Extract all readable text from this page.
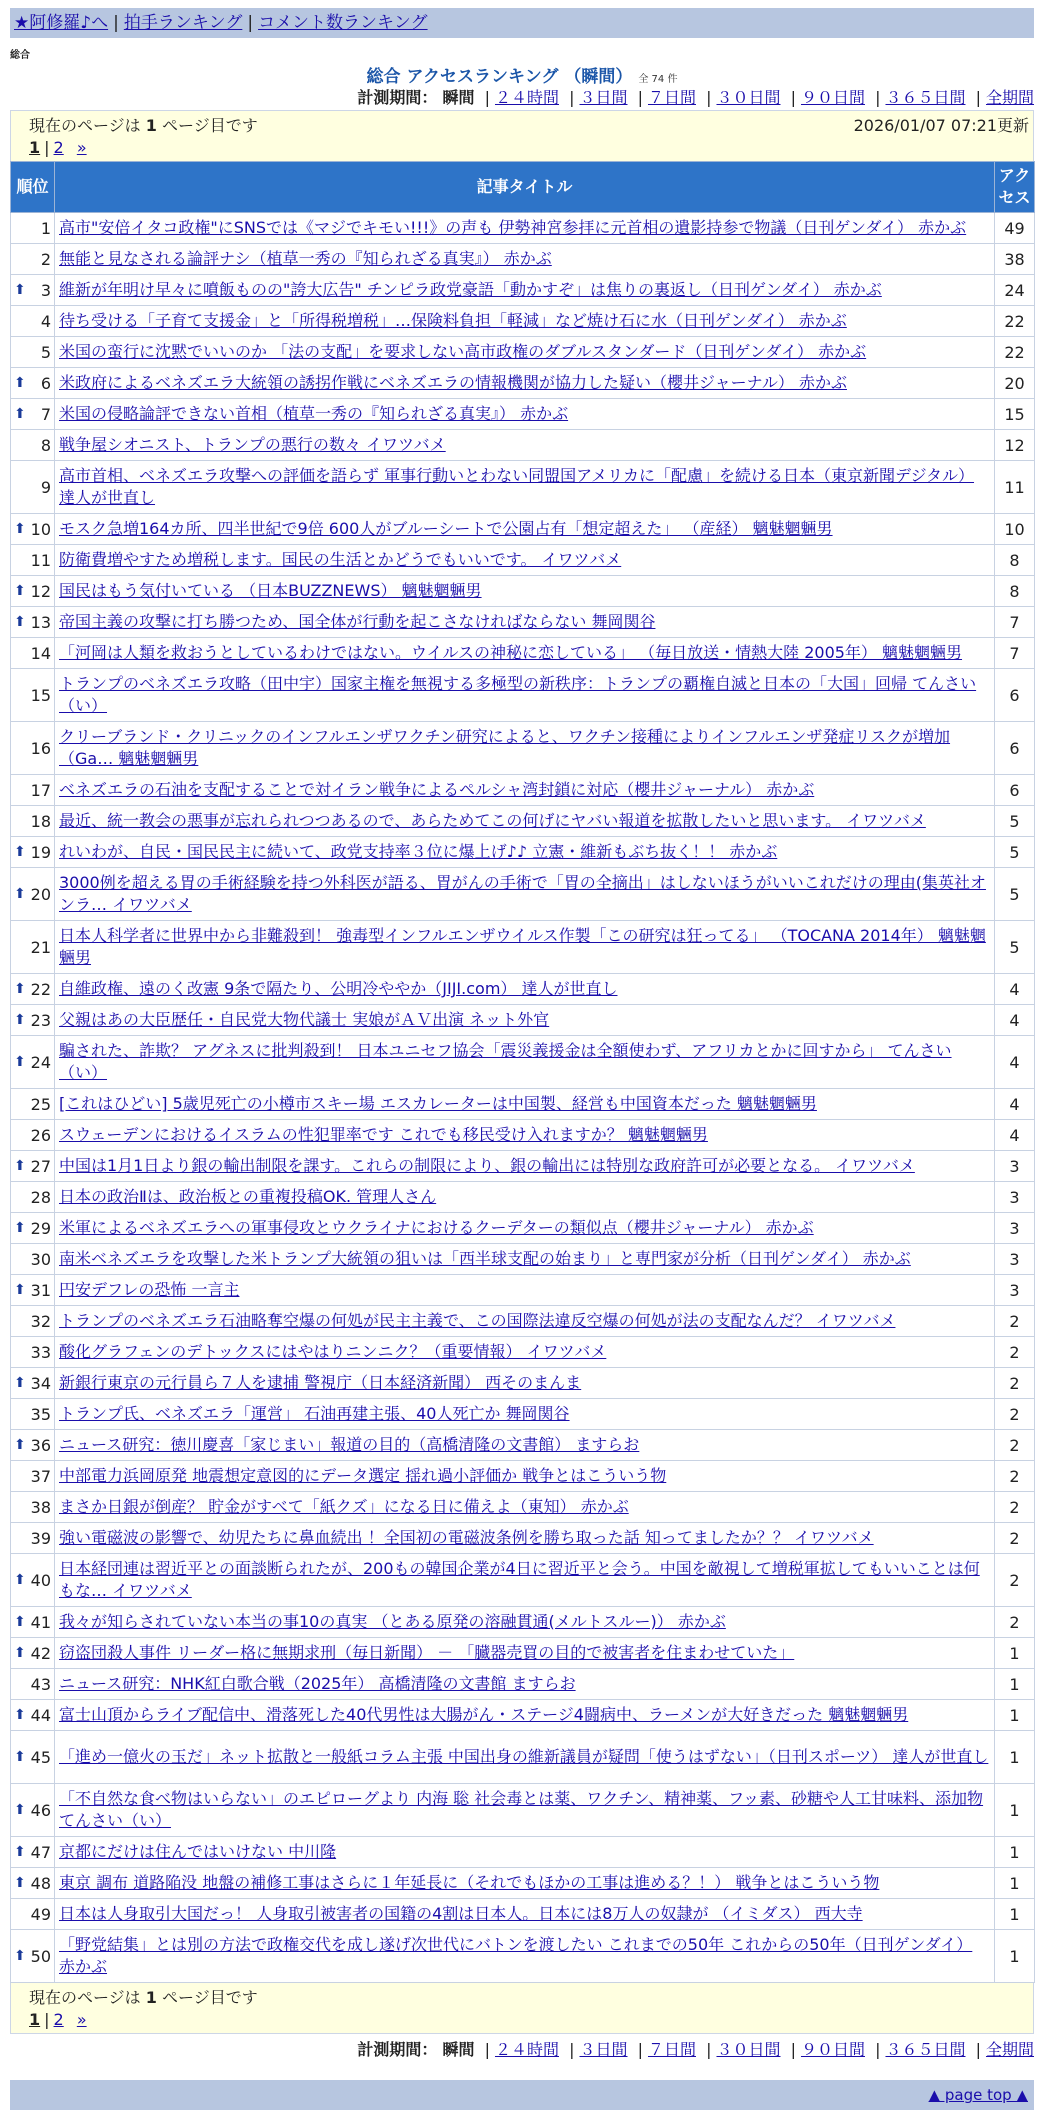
★阿修羅♪へ | 拍手ランキング | コメント数ランキング
総合
総合 アクセスランキング （瞬間） 全 74 件
計測期間： 瞬間 | ２４時間 | ３日間 | ７日間 | ３０日間 | ９０日間 | ３６５日間 | 全期間
現在のページは 1 ページ目です	2026/01/07 07:21更新
1 | 2 »
順位	記事タイトル	アクセス
1	高市"安倍イタコ政権"にSNSでは《マジでキモい!!!》の声も 伊勢神宮参拝に元首相の遺影持参で物議（日刊ゲンダイ） 赤かぶ	49
2	無能と見なされる論評ナシ（植草一秀の『知られざる真実』） 赤かぶ	38

⬆ 3	維新が年明け早々に噴飯ものの"誇大広告" チンピラ政党豪語「動かすぞ」は焦りの裏返し（日刊ゲンダイ） 赤かぶ	24
4	待ち受ける「子育て支援金」と「所得税増税」…保険料負担「軽減」など焼け石に水（日刊ゲンダイ） 赤かぶ	22
5	米国の蛮行に沈黙でいいのか 「法の支配」を要求しない高市政権のダブルスタンダード（日刊ゲンダイ） 赤かぶ	22

⬆ 6	米政府によるベネズエラ大統領の誘拐作戦にベネズエラの情報機関が協力した疑い（櫻井ジャーナル） 赤かぶ	20

⬆ 7	米国の侵略論評できない首相（植草一秀の『知られざる真実』） 赤かぶ	15
8	戦争屋シオニスト、トランプの悪行の数々 イワツバメ	12
9	高市首相、ベネズエラ攻撃への評価を語らず 軍事行動いとわない同盟国アメリカに「配慮」を続ける日本（東京新聞デジタル） 達人が世直し	11

⬆ 10	モスク急増164カ所、四半世紀で9倍 600人がブルーシートで公園占有「想定超えた」 （産経） 魑魅魍魎男	10
11	防衛費増やすため増税します。国民の生活とかどうでもいいです。 イワツバメ	8

⬆ 12	国民はもう気付いている （日本BUZZNEWS） 魑魅魍魎男	8

⬆ 13	帝国主義の攻撃に打ち勝つため、国全体が行動を起こさなければならない 舞岡関谷	7
14	「河岡は人類を救おうとしているわけではない。ウイルスの神秘に恋している」 （毎日放送・情熱大陸 2005年） 魑魅魍魎男	7
15	トランプのベネズエラ攻略（田中宇）国家主権を無視する多極型の新秩序：トランプの覇権自滅と日本の「大国」回帰 てんさい（い）	6
16	クリーブランド・クリニックのインフルエンザワクチン研究によると、ワクチン接種によりインフルエンザ発症リスクが増加（Ga… 魑魅魍魎男	6
17	ベネズエラの石油を支配することで対イラン戦争によるペルシャ湾封鎖に対応（櫻井ジャーナル） 赤かぶ	6
18	最近、統一教会の悪事が忘れられつつあるので、あらためてこの何げにヤバい報道を拡散したいと思います。 イワツバメ	5

⬆ 19	れいわが、自民・国民民主に続いて、政党支持率３位に爆上げ♪♪ 立憲・維新もぶち抜く！！ 赤かぶ	5

⬆ 20	3000例を超える胃の手術経験を持つ外科医が語る、胃がんの手術で「胃の全摘出」はしないほうがいいこれだけの理由(集英社オンラ… イワツバメ	5
21	日本人科学者に世界中から非難殺到！ 強毒型インフルエンザウイルス作製「この研究は狂ってる」 （TOCANA 2014年） 魑魅魍魎男	5

⬆ 22	自維政権、遠のく改憲 9条で隔たり、公明冷ややか（JIJI.com） 達人が世直し	4

⬆ 23	父親はあの大臣歴任・自民党大物代議士 実娘がＡＶ出演 ネット外官	4

⬆ 24	騙された、詐欺？ アグネスに批判殺到！ 日本ユニセフ協会「震災義援金は全額使わず、アフリカとかに回すから」 てんさい（い）	4
25	[これはひどい] 5歳児死亡の小樽市スキー場 エスカレーターは中国製、経営も中国資本だった 魑魅魍魎男	4
26	スウェーデンにおけるイスラムの性犯罪率です これでも移民受け入れますか？ 魑魅魍魎男	4

⬆ 27	中国は1月1日より銀の輸出制限を課す。これらの制限により、銀の輸出には特別な政府許可が必要となる。 イワツバメ	3
28	日本の政治Ⅱは、政治板との重複投稿OK. 管理人さん	3

⬆ 29	米軍によるベネズエラへの軍事侵攻とウクライナにおけるクーデターの類似点（櫻井ジャーナル） 赤かぶ	3
30	南米ベネズエラを攻撃した米トランプ大統領の狙いは「西半球支配の始まり」と専門家が分析（日刊ゲンダイ） 赤かぶ	3

⬆ 31	円安デフレの恐怖 一言主	3
32	トランプのベネズエラ石油略奪空爆の何処が民主主義で、この国際法違反空爆の何処が法の支配なんだ？ イワツバメ	2
33	酸化グラフェンのデトックスにはやはりニンニク？（重要情報） イワツバメ	2

⬆ 34	新銀行東京の元行員ら７人を逮捕 警視庁（日本経済新聞） 西そのまんま	2
35	トランプ氏、ベネズエラ「運営」 石油再建主張、40人死亡か 舞岡関谷	2

⬆ 36	ニュース研究：徳川慶喜「家じまい」報道の目的（高橋清隆の文書館） ますらお	2
37	中部電力浜岡原発 地震想定意図的にデータ選定 揺れ過小評価か 戦争とはこういう物	2
38	まさか日銀が倒産？ 貯金がすべて「紙クズ」になる日に備えよ（東知） 赤かぶ	2
39	強い電磁波の影響で、幼児たちに鼻血続出 ！全国初の電磁波条例を勝ち取った話 知ってましたか？？ イワツバメ	2

⬆ 40	日本経団連は習近平との面談断られたが、200もの韓国企業が4日に習近平と会う。中国を敵視して増税軍拡してもいいことは何もな… イワツバメ	2

⬆ 41	我々が知らされていない本当の事10の真実 （とある原発の溶融貫通(メルトスルー)） 赤かぶ	2

⬆ 42	窃盗団殺人事件 リーダー格に無期求刑（毎日新聞） － 「臓器売買の目的で被害者を住まわせていた」	1
43	ニュース研究：NHK紅白歌合戦（2025年） 高橋清隆の文書館 ますらお	1

⬆ 44	富士山頂からライブ配信中、滑落死した40代男性は大腸がん・ステージ4闘病中、ラーメンが大好きだった 魑魅魍魎男	1

⬆ 45	「進め一億火の玉だ」ネット拡散と一般紙コラム主張 中国出身の維新議員が疑問「使うはずない」（日刊スポーツ） 達人が世直し	1

⬆ 46	「不自然な食べ物はいらない」のエピローグより 内海 聡 社会毒とは薬、ワクチン、精神薬、フッ素、砂糖や人工甘味料、添加物 てんさい（い）	1

⬆ 47	京都にだけは住んではいけない 中川隆	1

⬆ 48	東京 調布 道路陥没 地盤の補修工事はさらに１年延長に（それでもほかの工事は進める？！） 戦争とはこういう物	1
49	日本は人身取引大国だっ！ 人身取引被害者の国籍の4割は日本人。日本には8万人の奴隷が （イミダス） 西大寺	1

⬆ 50	「野党結集」とは別の方法で政権交代を成し遂げ次世代にバトンを渡したい これまでの50年 これからの50年（日刊ゲンダイ） 赤かぶ	1
現在のページは 1 ページ目です
1 | 2 »
計測期間： 瞬間 | ２４時間 | ３日間 | ７日間 | ３０日間 | ９０日間 | ３６５日間 | 全期間
▲ page top ▲
